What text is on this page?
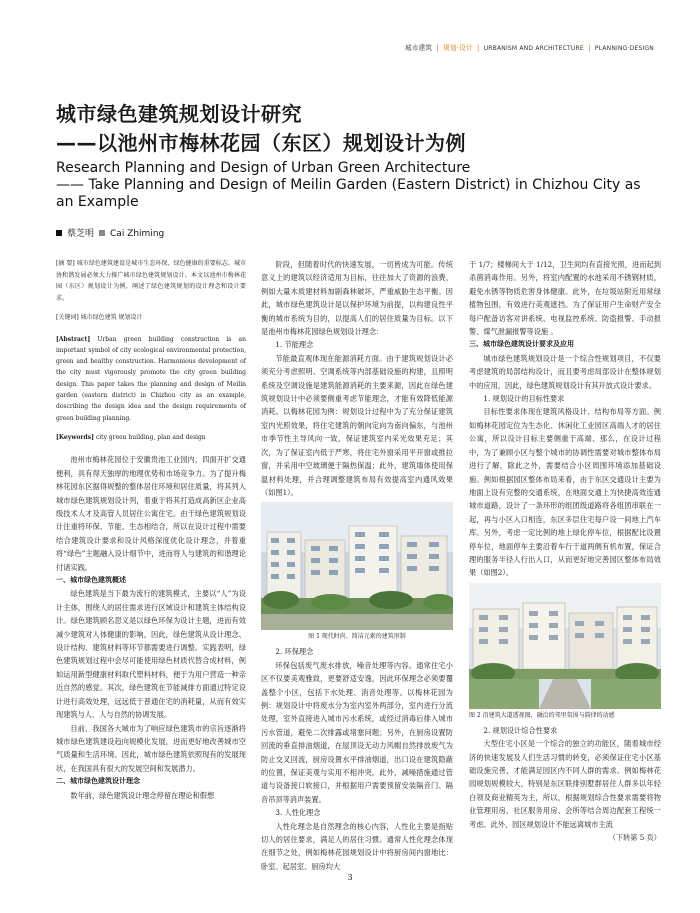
城市建筑 | 规划·设计 | URBANISM AND ARCHITECTURE | PLANNING·DESIGN
城市绿色建筑规划设计研究
——以池州市梅林花园（东区）规划设计为例
Research Planning and Design of Urban Green Architecture
—— Take Planning and Design of Meilin Garden (Eastern District) in Chizhou City as an Example
蔡芝明 Cai Zhiming

[摘 要] 城市绿色建筑建设是城市生态环保、绿色健康的重要标志。城市协和谐发展必须大力推广城市绿色建筑规划设计。本文以池州市梅林花园（东区）规划设计为例，阐述了绿色建筑规划的设计理念和设计要求。

[关键词] 城市绿色建筑 规划设计

[Abstract] Urban green building construction is an important symbol of city ecological environmental protection, green and healthy construction. Harmonious development of the city must vigorously promote the city green building design. This paper takes the planning and design of Meilin garden (eastern district) in Chizhou city as an example, describing the design idea and the design requirements of green building planning.

[Keywords] city green building, plan and design

池州市梅林花园位于安徽贵池工业园内，四面开扩交通便利，具有得天独厚的地理优势和市场竞争力。为了提升梅林花园东区据得规整的整体居住环境和居住质量，将其列入城市绿色建筑规划设计列，着重于将其打造成高新区企业高级技术人才及高管人员居住公寓住宅。由于绿色建筑规划设计注重将环保、节能、生态相结合，所以在设计过程中需要结合建筑设计要求和设计风格深度优化设计理念，并着重将“绿色”主题融入设计细节中，进而将人与建筑的和谐理论付诸实践。

一、城市绿色建筑概述

绿色建筑是当下最为流行的建筑模式，主要以“人”为设计主体，围绕人的居住需求进行区域设计和建筑主体结构设计。绿色建筑顾名思义是以绿色环保为设计主题，进而有效减少建筑对人体健康的影响，因此，绿色建筑从设计理念、设计结构、建筑材料等环节都需要进行调整。实践表明，绿色建筑规划过程中会尽可能使用绿色材质代替合成材料，例如运用新型健康材料取代塑料材料，便于为用户营造一种亲近自然的感觉。其次，绿色建筑在节能减排方面通过特定设计进行高效处理，远远低于普通住宅的消耗量，从而有效实现建筑与人、人与自然的协调发展。

目前，我国各大城市为了响应绿色建筑市的宗旨逐渐将城市绿色建筑建设趋向规模化发展，进而更好地改善城市空气质量和生活环境。因此，城市绿色建筑依照现有的发展现状，在我国具有很大的发展空间和发展潜力。

二、城市绿色建筑设计理念

数年前，绿色建筑设计理念停留在理论和假想

阶段，但随着时代的快速发展，一切皆成为可能。传统意义上的建筑以经济适用为目标，往往加大了资源的浪费，例如大量木质建材料加剧森林破坏，严重威胁生态平衡。因此，城市绿色建筑设计是以保护环境为前提，以构建良性平衡的城市系统为目的，以提高人们的居住质量为目标。以下是池州市梅林花园绿色规划设计理念：

1. 节能理念

节能最直观体现在能源消耗方面。由于建筑规划设计必须充分考虑照明、空调系统等内部基础设施的构建，且照明系统及空调设施是建筑能源消耗的主要来源，因此在绿色建筑规划设计中必须要侧重考虑节能理念，才能有效降低能源消耗。以梅林花园为例：规划设计过程中为了充分保证建筑室内光照效果，将住宅建筑的朝向定向为南向偏东，与池州市季节性主导风向一致，保证建筑室内采光效果充足；其次，为了保证室内低于严寒，将住宅外窗采用平开窗或推拉窗，并采用中空玻璃便于隔热保温；此外，建筑墙体使用保温材料处理，并合理调整建筑布局有效提高室内通风效果（如图1）。

图 1 现代时尚、简洁元素的建筑形制

2. 环保理念

环保包括废气废水排放，噪音处理等内容。通常住宅小区不仅要美观雅致，更要舒适安逸，因此环保理念必须要覆盖整个小区，包括下水处理、消音处理等。以梅林花园为例：规划设计中将废水分为室内室外两部分，室内进行分流处理，室外直接进入城市污水系统，或经过消毒后排入城市污水管道，避免二次排露或堵塞问题；另外，在厨房设置防回流的垂直排油烟道，在屋顶设无动力风帽自然排放废气为防止交叉回流，厨房设置水平排油烟道，出口设在建筑隐蔽的位置，保证美观与实用不相冲突。此外，减噪措施通过管道与设备接口软接口，并根据用户需要预留安装隔音门、隔音吊顶等消声装置。

3. 人性化理念

人性化理念是自然理念的核心内容，人性化主要是指贴切人的居住要求，满足人的居住习惯。通常人性化理念体现在细节之处，例如梅林花园规划设计中将厨房间内窗地比：卧室、起居室、厨房均大

于 1/7；楼梯间大于 1/12，卫生间均有直接光照，进而起到杀菌消毒作用。另外，将室内配置的水池采用不锈钢材质，避免水锈等物质危害身体健康。此外，在垃圾站附近用常绿植物包围，有效进行美观遮挡。为了保证用户生命财产安全每户配备访客对讲系统、电视监控系统、防盗报警、手动报警、煤气泄漏报警等设施 。

三、城市绿色建筑设计要求及应用

城市绿色建筑规划设计是一个综合性规划项目，不仅要考虑建筑的局部结构设计，而且要考虑局部设计在整体规划中的应用，因此，绿色建筑规划设计有其开放式设计要求。

1. 规划设计的目标性要求

目标性要求体现在建筑风格设计、结构布局等方面。例如梅林花园定位为生态化、休闲化工业园区高端人才的居住公寓，所以设计目标主要侧重于高端、那么，在设计过程中，为了兼顾小区与整个城市的协调性需要对城市整体布局进行了解，除此之外，需要结合小区周围环境添加基础设施。例如根据园区整体布局来看，由于东区交通设计主要为地面上设有完整的交通系统，在地面交通上为快捷高效连通城市道路，设计了一条环形的组团级道路将各组团串联在一起，再与小区入口相连，东区多层住宅每户设一间地上汽车库。另外，考虑一定比例的地上绿化停车位，根据配比设置停车位，地面停车主要沿着车行干道两侧有机布置，保证合理的服务半径人行出入口，从而更好地完善园区整体布局效果（如图2）。

图 2 沿建筑大道透视图，融洽的邻里氛围与韵律的动感

2. 规划设计综合性要求

大型住宅小区是一个综合的独立的功能区，随着城市经济的快速发展及人们生活习惯的转变，必须保证住宅小区基础设施完善，才能满足园区内不同人群的需求。例如梅林花园规划规模较大，特别是东区联排别墅群居住人群多以年轻白领及商业精英为主，所以，根据规划综合性要求需要将物业管理用房、社区服务用房、会所等结合周边配套工程统一考虑。此外，园区规划设计不能远离城市主流

（下转第 5 页）

3
